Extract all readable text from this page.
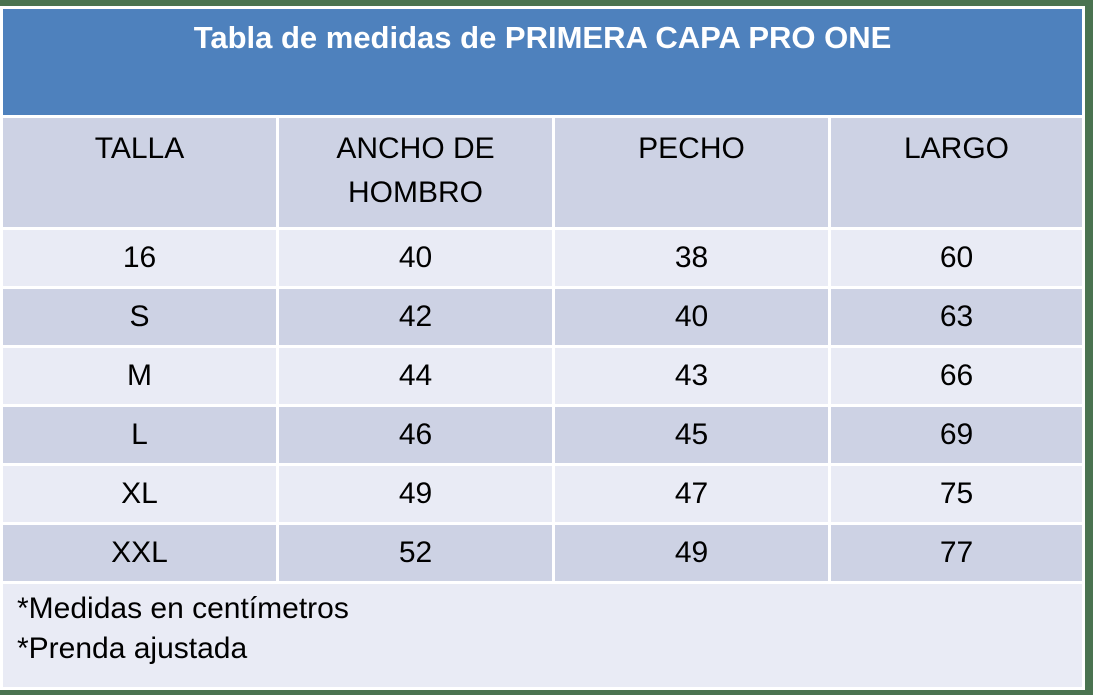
Tabla de medidas de PRIMERA CAPA PRO ONE			
TALLA	ANCHO DE HOMBRO	PECHO	LARGO
16	40	38	60
S	42	40	63
M	44	43	66
L	46	45	69
XL	49	47	75
XXL	52	49	77

*Medidas en centímetros
*Prenda ajustada			
